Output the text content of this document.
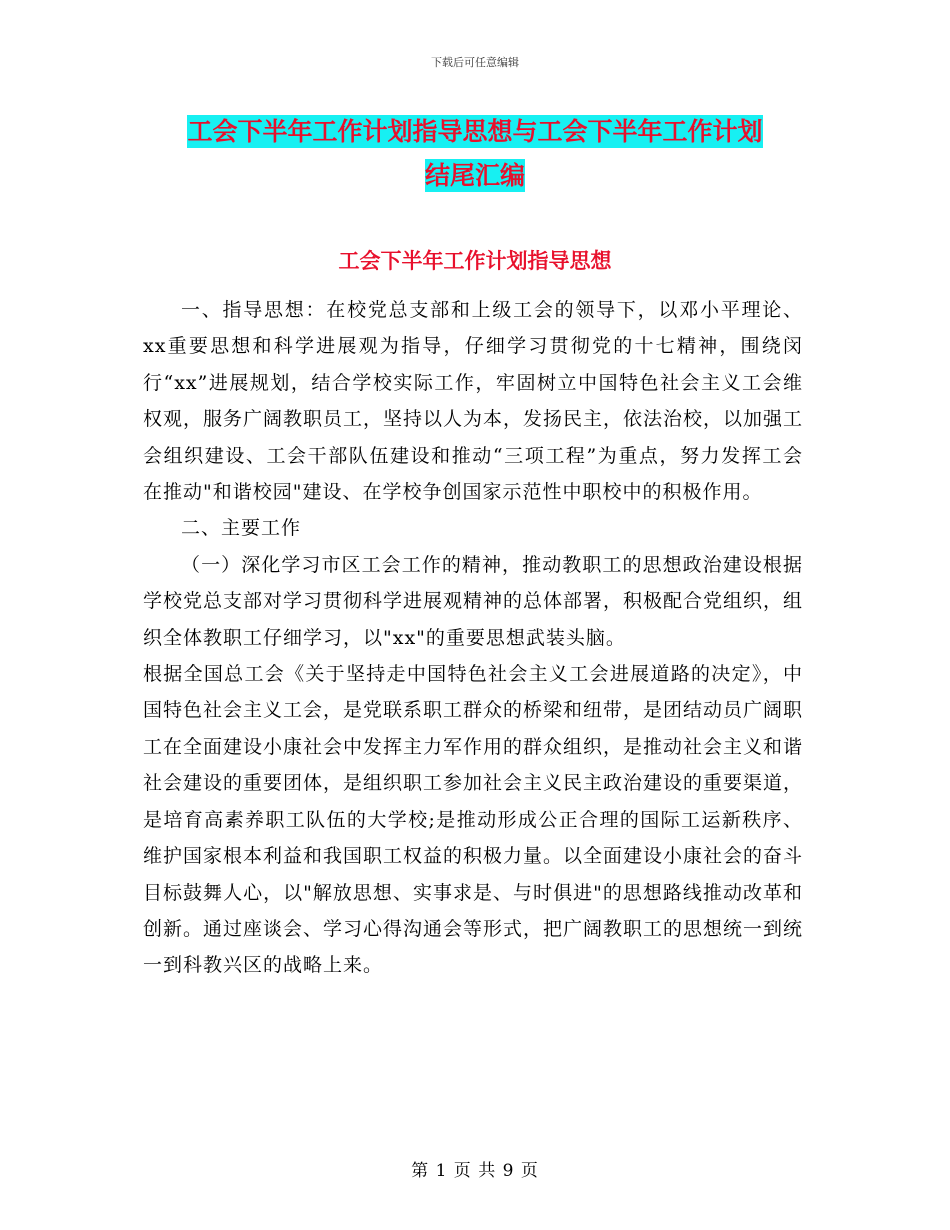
下载后可任意编辑
工会下半年工作计划指导思想与工会下半年工作计划
结尾汇编
工会下半年工作计划指导思想

一、指导思想：在校党总支部和上级工会的领导下，以邓小平理论、xx重要思想和科学进展观为指导，仔细学习贯彻党的十七精神，围绕闵行“xx”进展规划，结合学校实际工作，牢固树立中国特色社会主义工会维权观，服务广阔教职员工，坚持以人为本，发扬民主，依法治校，以加强工会组织建设、工会干部队伍建设和推动“三项工程”为重点，努力发挥工会在推动"和谐校园"建设、在学校争创国家示范性中职校中的积极作用。

二、主要工作

（一）深化学习市区工会工作的精神，推动教职工的思想政治建设根据学校党总支部对学习贯彻科学进展观精神的总体部署，积极配合党组织，组织全体教职工仔细学习，以"xx"的重要思想武装头脑。

根据全国总工会《关于坚持走中国特色社会主义工会进展道路的决定》，中国特色社会主义工会，是党联系职工群众的桥梁和纽带，是团结动员广阔职工在全面建设小康社会中发挥主力军作用的群众组织，是推动社会主义和谐社会建设的重要团体，是组织职工参加社会主义民主政治建设的重要渠道，是培育高素养职工队伍的大学校;是推动形成公正合理的国际工运新秩序、维护国家根本利益和我国职工权益的积极力量。以全面建设小康社会的奋斗目标鼓舞人心，以"解放思想、实事求是、与时俱进"的思想路线推动改革和创新。通过座谈会、学习心得沟通会等形式，把广阔教职工的思想统一到统一到科教兴区的战略上来。

第 1 页 共 9 页
